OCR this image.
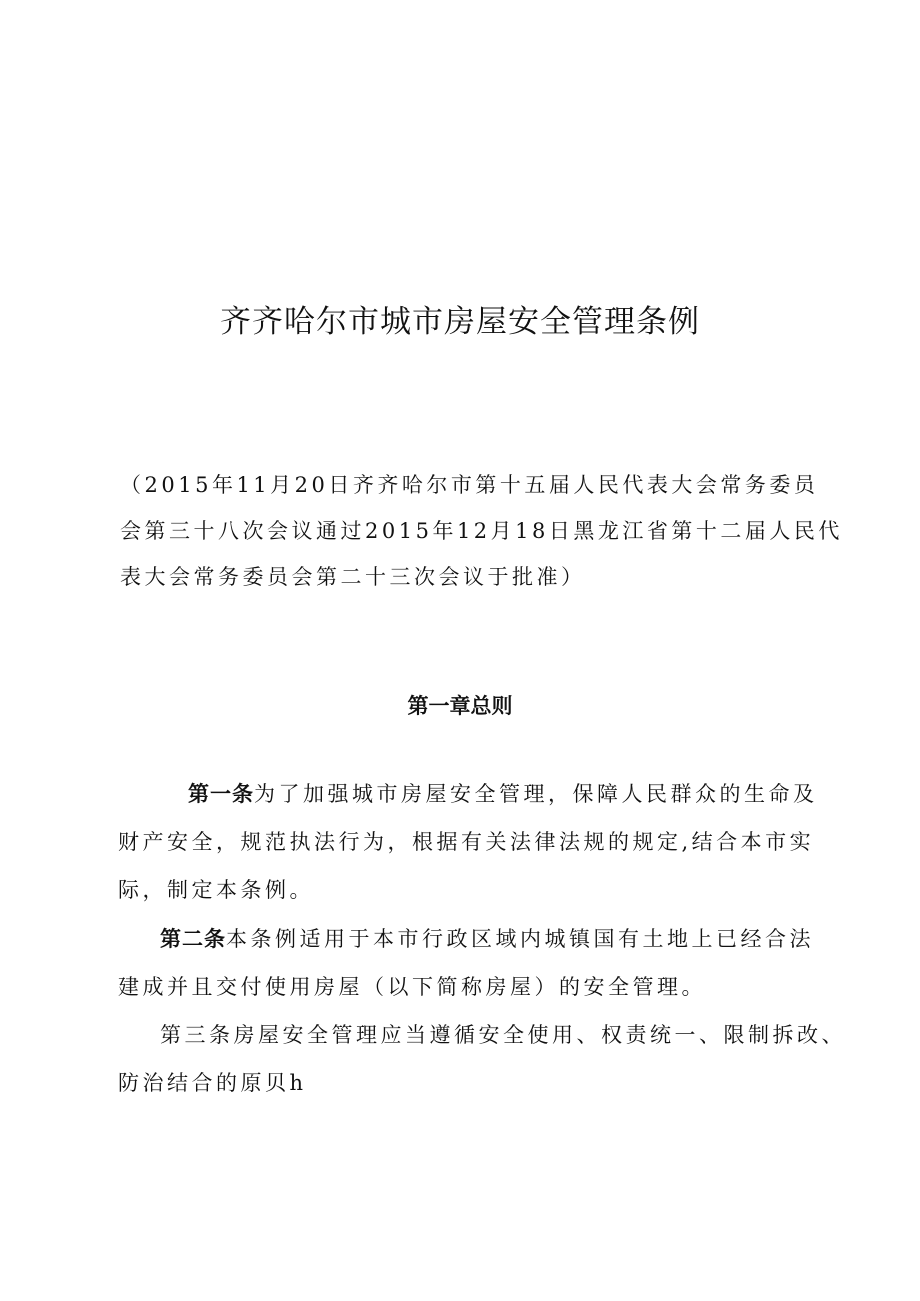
齐齐哈尔市城市房屋安全管理条例

（2015年11月20日齐齐哈尔市第十五届人民代表大会常务委员

会第三十八次会议通过2015年12月18日黑龙江省第十二届人民代

表大会常务委员会第二十三次会议于批准）

第一章总则
第一条为了加强城市房屋安全管理，保障人民群众的生命及
财产安全，规范执法行为，根据有关法律法规的规定,结合本市实
际，制定本条例。
第二条本条例适用于本市行政区域内城镇国有土地上已经合法
建成并且交付使用房屋（以下简称房屋）的安全管理。
第三条房屋安全管理应当遵循安全使用、权责统一、限制拆改、
防治结合的原贝h
